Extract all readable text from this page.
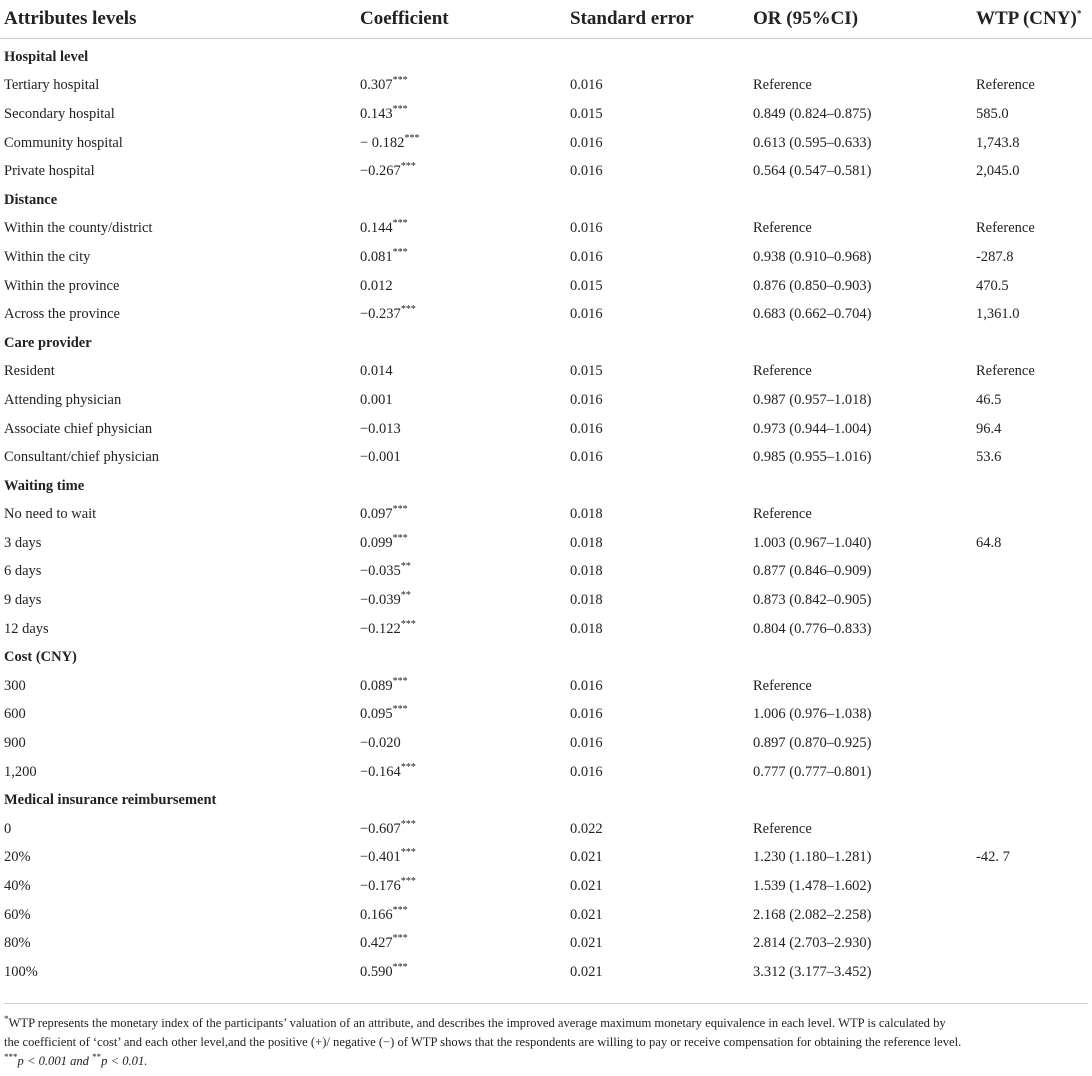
Attributes levels	Coefficient	Standard error	OR (95%CI)	WTP (CNY)*
Hospital level				
Tertiary hospital	0.307***	0.016	Reference	Reference
Secondary hospital	0.143***	0.015	0.849 (0.824–0.875)	585.0
Community hospital	− 0.182***	0.016	0.613 (0.595–0.633)	1,743.8
Private hospital	−0.267***	0.016	0.564 (0.547–0.581)	2,045.0
Distance				
Within the county/district	0.144***	0.016	Reference	Reference
Within the city	0.081***	0.016	0.938 (0.910–0.968)	-287.8
Within the province	0.012	0.015	0.876 (0.850–0.903)	470.5
Across the province	−0.237***	0.016	0.683 (0.662–0.704)	1,361.0
Care provider				
Resident	0.014	0.015	Reference	Reference
Attending physician	0.001	0.016	0.987 (0.957–1.018)	46.5
Associate chief physician	−0.013	0.016	0.973 (0.944–1.004)	96.4
Consultant/chief physician	−0.001	0.016	0.985 (0.955–1.016)	53.6
Waiting time				
No need to wait	0.097***	0.018	Reference	
3 days	0.099***	0.018	1.003 (0.967–1.040)	64.8
6 days	−0.035**	0.018	0.877 (0.846–0.909)	
9 days	−0.039**	0.018	0.873 (0.842–0.905)	
12 days	−0.122***	0.018	0.804 (0.776–0.833)	
Cost (CNY)				
300	0.089***	0.016	Reference	
600	0.095***	0.016	1.006 (0.976–1.038)	
900	−0.020	0.016	0.897 (0.870–0.925)	
1,200	−0.164***	0.016	0.777 (0.777–0.801)	
Medical insurance reimbursement				
0	−0.607***	0.022	Reference	
20%	−0.401***	0.021	1.230 (1.180–1.281)	-42. 7
40%	−0.176***	0.021	1.539 (1.478–1.602)	
60%	0.166***	0.021	2.168 (2.082–2.258)	
80%	0.427***	0.021	2.814 (2.703–2.930)	
100%	0.590***	0.021	3.312 (3.177–3.452)	
*WTP represents the monetary index of the participants’ valuation of an attribute, and describes the improved average maximum monetary equivalence in each level. WTP is calculated by
the coefficient of ‘cost’ and each other level,and the positive (+)/ negative (−) of WTP shows that the respondents are willing to pay or receive compensation for obtaining the reference level.
***p < 0.001 and **p < 0.01.
